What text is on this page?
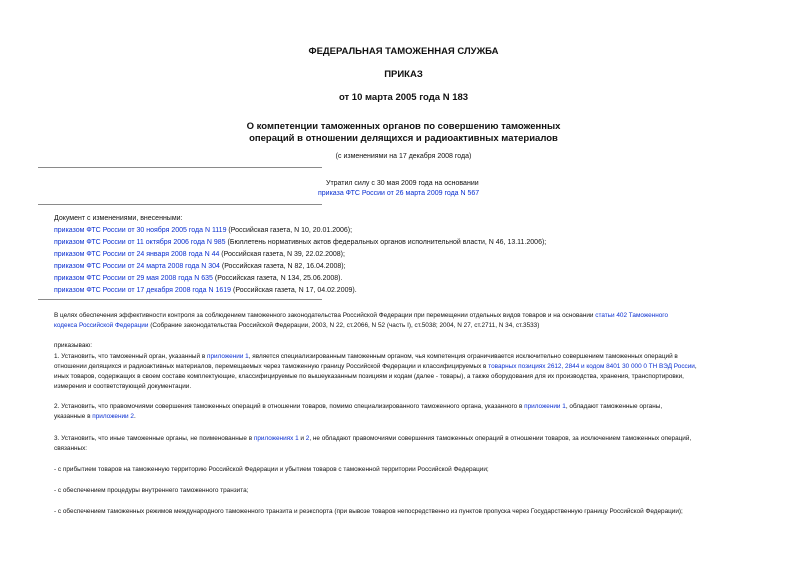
ФЕДЕРАЛЬНАЯ ТАМОЖЕННАЯ СЛУЖБА
ПРИКАЗ
от 10 марта 2005 года N 183
О компетенции таможенных органов по совершению таможенных
операций в отношении делящихся и радиоактивных материалов
(с изменениями на 17 декабря 2008 года)
Утратил силу с 30 мая 2009 года на основании
приказа ФТС России от 26 марта 2009 года N 567
Документ с изменениями, внесенными:
приказом ФТС России от 30 ноября 2005 года N 1119 (Российская газета, N 10, 20.01.2006);
приказом ФТС России от 11 октября 2006 года N 985 (Бюллетень нормативных актов федеральных органов исполнительной власти, N 46, 13.11.2006);
приказом ФТС России от 24 января 2008 года N 44 (Российская газета, N 39, 22.02.2008);
приказом ФТС России от 24 марта 2008 года N 304 (Российская газета, N 82, 16.04.2008);
приказом ФТС России от 29 мая 2008 года N 635 (Российская газета, N 134, 25.06.2008).
приказом ФТС России от 17 декабря 2008 года N 1619 (Российская газета, N 17, 04.02.2009).
В целях обеспечения эффективности контроля за соблюдением таможенного законодательства Российской Федерации при перемещении отдельных видов товаров и на основании статьи 402 Таможенного
кодекса Российской Федерации (Собрание законодательства Российской Федерации, 2003, N 22, ст.2066, N 52 (часть I), ст.5038; 2004, N 27, ст.2711, N 34, ст.3533)
приказываю:
1. Установить, что таможенный орган, указанный в приложении 1, является специализированным таможенным органом, чья компетенция ограничивается исключительно совершением таможенных операций в
отношении делящихся и радиоактивных материалов, перемещаемых через таможенную границу Российской Федерации и классифицируемых в товарных позициях 2612, 2844 и кодом 8401 30 000 0 ТН ВЭД России,
иных товаров, содержащих в своем составе комплектующие, классифицируемые по вышеуказанным позициям и кодам (далее - товары), а также оборудования для их производства, хранения, транспортировки,
измерения и соответствующей документации.
2. Установить, что правомочиями совершения таможенных операций в отношении товаров, помимо специализированного таможенного органа, указанного в приложении 1, обладают таможенные органы,
указанные в приложении 2.
3. Установить, что иные таможенные органы, не поименованные в приложениях 1 и 2, не обладают правомочиями совершения таможенных операций в отношении товаров, за исключением таможенных операций,
связанных:
- с прибытием товаров на таможенную территорию Российской Федерации и убытием товаров с таможенной территории Российской Федерации;
- с обеспечением процедуры внутреннего таможенного транзита;
- с обеспечением таможенных режимов международного таможенного транзита и реэкспорта (при вывозе товаров непосредственно из пунктов пропуска через Государственную границу Российской Федерации);
